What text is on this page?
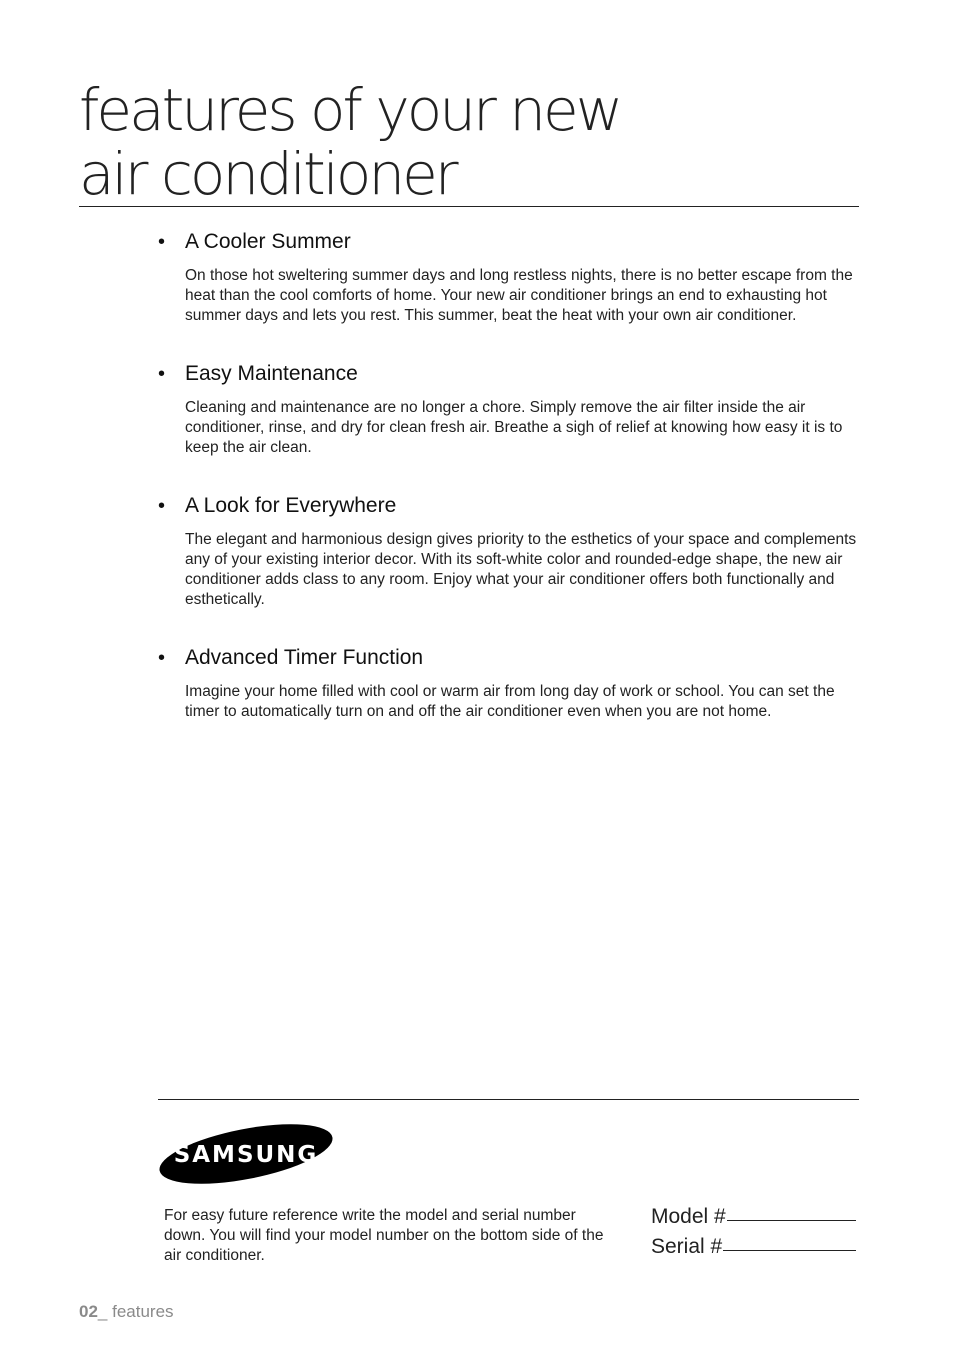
features of your new
air conditioner
• A Cooler Summer
On those hot sweltering summer days and long restless nights, there is no better escape from the heat than the cool comforts of home. Your new air conditioner brings an end to exhausting hot summer days and lets you rest. This summer, beat the heat with your own air conditioner.
• Easy Maintenance
Cleaning and maintenance are no longer a chore. Simply remove the air filter inside the air conditioner, rinse, and dry for clean fresh air. Breathe a sigh of relief at knowing how easy it is to keep the air clean.
• A Look for Everywhere
The elegant and harmonious design gives priority to the esthetics of your space and complements any of your existing interior decor. With its soft-white color and rounded-edge shape, the new air conditioner adds class to any room. Enjoy what your air conditioner offers both functionally and esthetically.
• Advanced Timer Function
Imagine your home filled with cool or warm air from long day of work or school. You can set the timer to automatically turn on and off the air conditioner even when you are not home.
SAMSUNG
For easy future reference write the model and serial number down. You will find your model number on the bottom side of the air conditioner.
Model #
Serial #
02_ features
